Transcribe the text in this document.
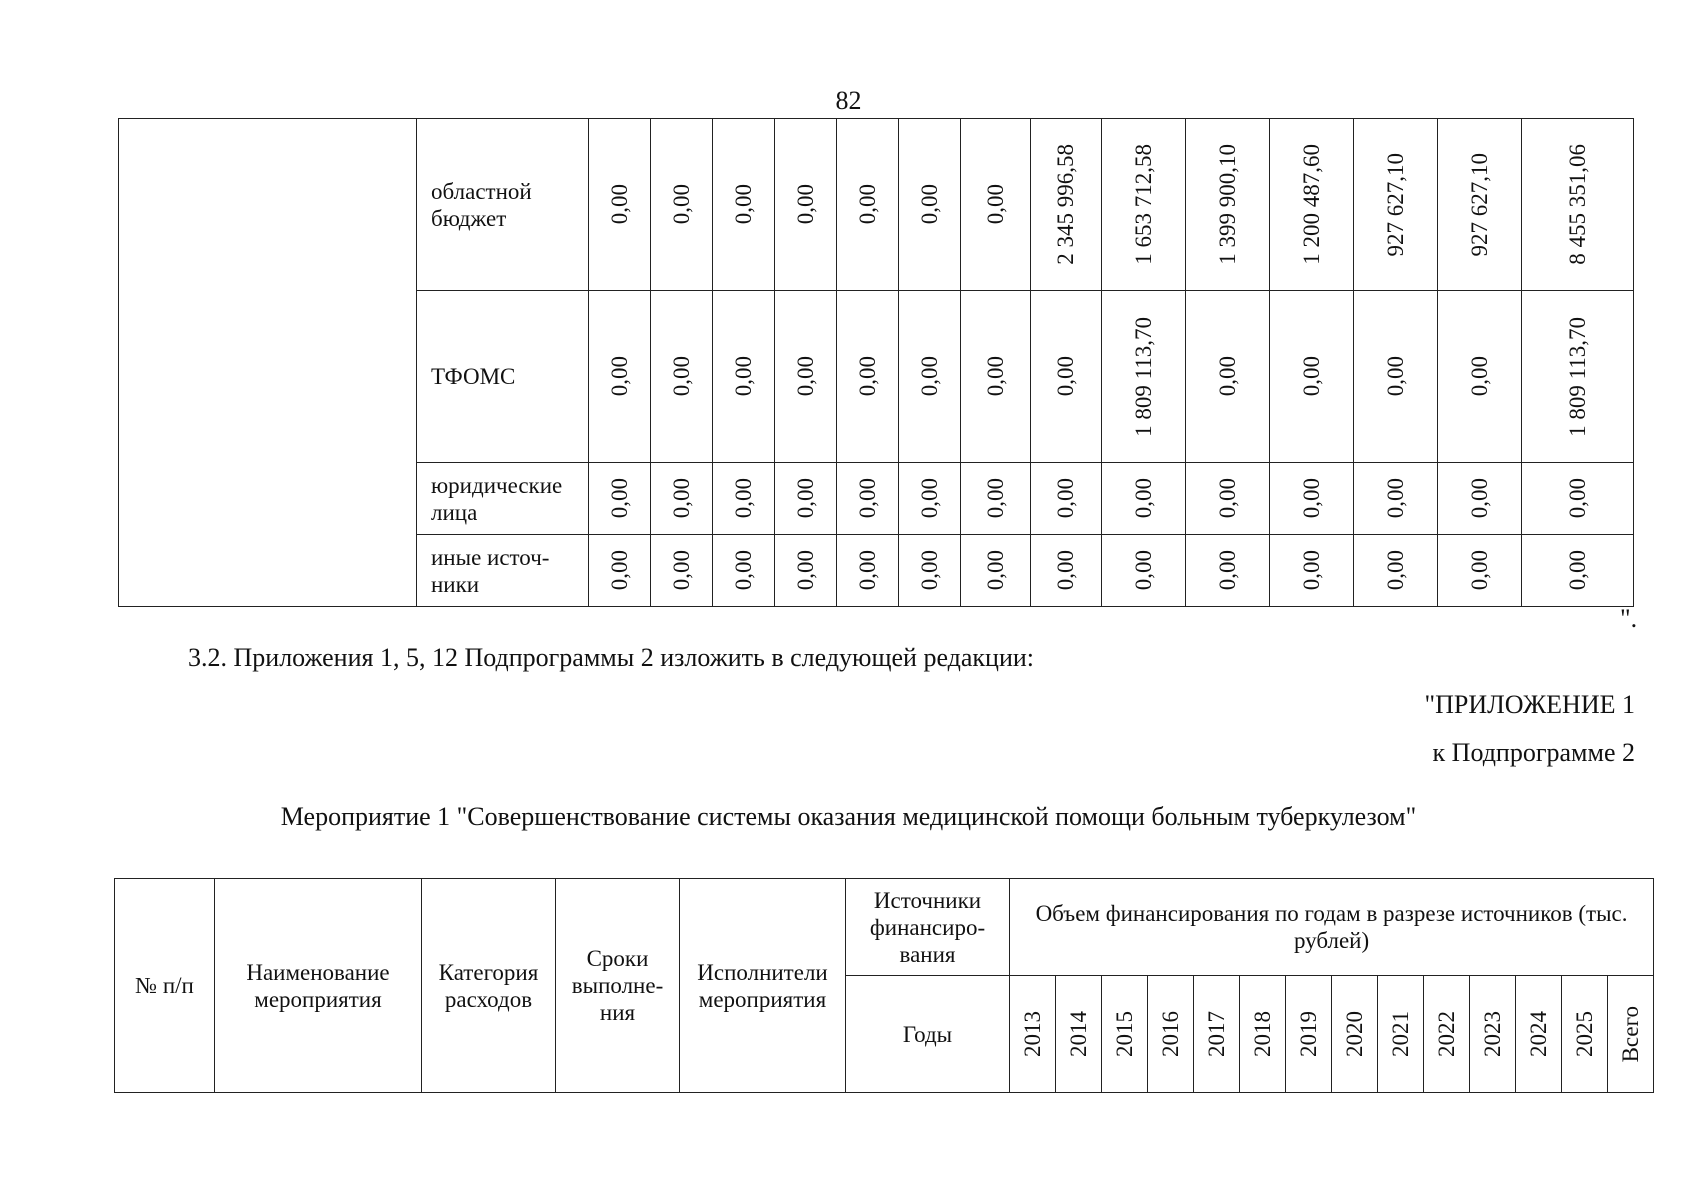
82
	областной бюджет	0,00	0,00	0,00	0,00	0,00	0,00	0,00	2 345 996,58	1 653 712,58	1 399 900,10	1 200 487,60	927 627,10	927 627,10	8 455 351,06

	ТФОМС	0,00	0,00	0,00	0,00	0,00	0,00	0,00	0,00	1 809 113,70	0,00	0,00	0,00	0,00	1 809 113,70

	юридические лица	0,00	0,00	0,00	0,00	0,00	0,00	0,00	0,00	0,00	0,00	0,00	0,00	0,00	0,00

	иные источ-ники	0,00	0,00	0,00	0,00	0,00	0,00	0,00	0,00	0,00	0,00	0,00	0,00	0,00	0,00
".
3.2. Приложения 1, 5, 12 Подпрограммы 2 изложить в следующей редакции:
"ПРИЛОЖЕНИЕ 1
к Подпрограмме 2
Мероприятие 1 "Совершенствование системы оказания медицинской помощи больным туберкулезом"
№ п/п	Наименование мероприятия	Категория расходов	Сроки выполне-ния	Исполнители мероприятия	Источники финансиро-вания	Объем финансирования по годам в разрезе источников (тыс. рублей)													

					Годы	2013	2014	2015	2016	2017	2018	2019	2020	2021	2022	2023	2024	2025	Всего
